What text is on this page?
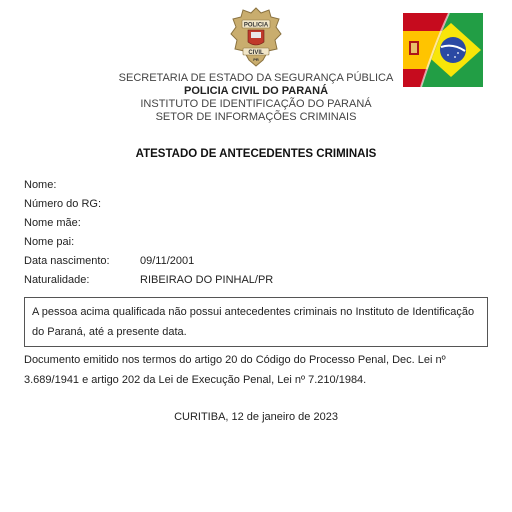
POLICIA
CIVIL
PR
SECRETARIA DE ESTADO DA SEGURANÇA PÚBLICA
POLICIA CIVIL DO PARANÁ
INSTITUTO DE IDENTIFICAÇÃO DO PARANÁ
SETOR DE INFORMAÇÕES CRIMINAIS
ATESTADO DE ANTECEDENTES CRIMINAIS
Nome:
Número do RG:
Nome mãe:
Nome pai:
Data nascimento:	09/11/2001
Naturalidade:	RIBEIRAO DO PINHAL/PR
A pessoa acima qualificada não possui antecedentes criminais no Instituto de Identificação do Paraná, até a presente data.
Documento emitido nos termos do artigo 20 do Código do Processo Penal, Dec. Lei nº 3.689/1941 e artigo 202 da Lei de Execução Penal, Lei nº 7.210/1984.
CURITIBA, 12 de janeiro de 2023
